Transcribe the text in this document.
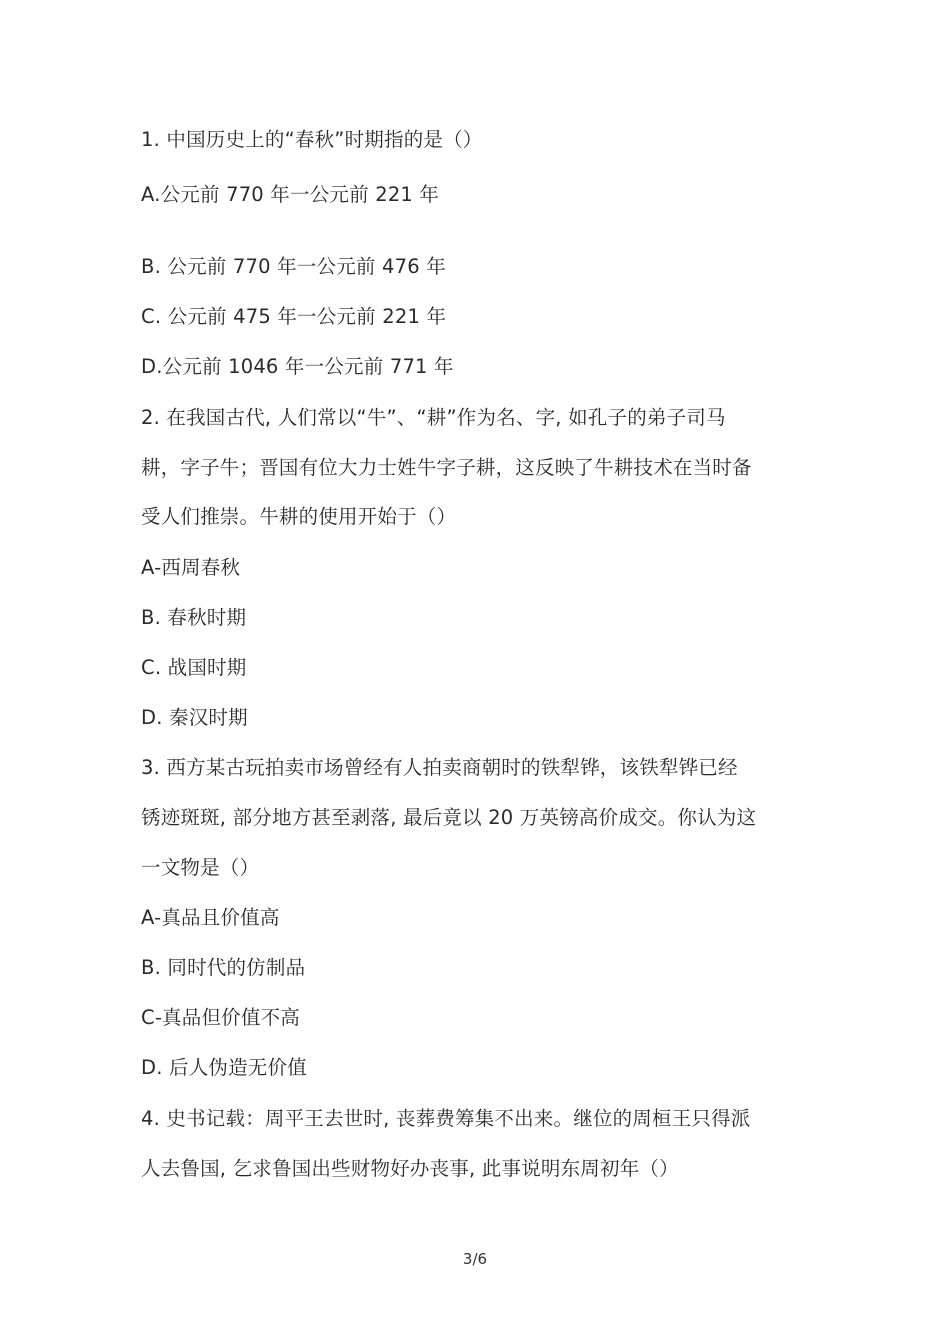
1. 中国历史上的“春秋”时期指的是（）
A.公元前 770 年一公元前 221 年
B. 公元前 770 年一公元前 476 年
C. 公元前 475 年一公元前 221 年
D.公元前 1046 年一公元前 771 年
2. 在我国古代, 人们常以“牛”、“耕”作为名、字, 如孔子的弟子司马
耕，字子牛；晋国有位大力士姓牛字子耕，这反映了牛耕技术在当时备
受人们推崇。牛耕的使用开始于（）
A-西周春秋
B. 春秋时期
C. 战国时期
D. 秦汉时期
3. 西方某古玩拍卖市场曾经有人拍卖商朝时的铁犁铧，该铁犁铧已经
锈迹斑斑, 部分地方甚至剥落, 最后竟以 20 万英镑高价成交。你认为这
一文物是（）
A-真品且价值高
B. 同时代的仿制品
C-真品但价值不高
D. 后人伪造无价值
4. 史书记载：周平王去世时, 丧葬费筹集不出来。继位的周桓王只得派
人去鲁国, 乞求鲁国出些财物好办丧事, 此事说明东周初年（）
3/6
